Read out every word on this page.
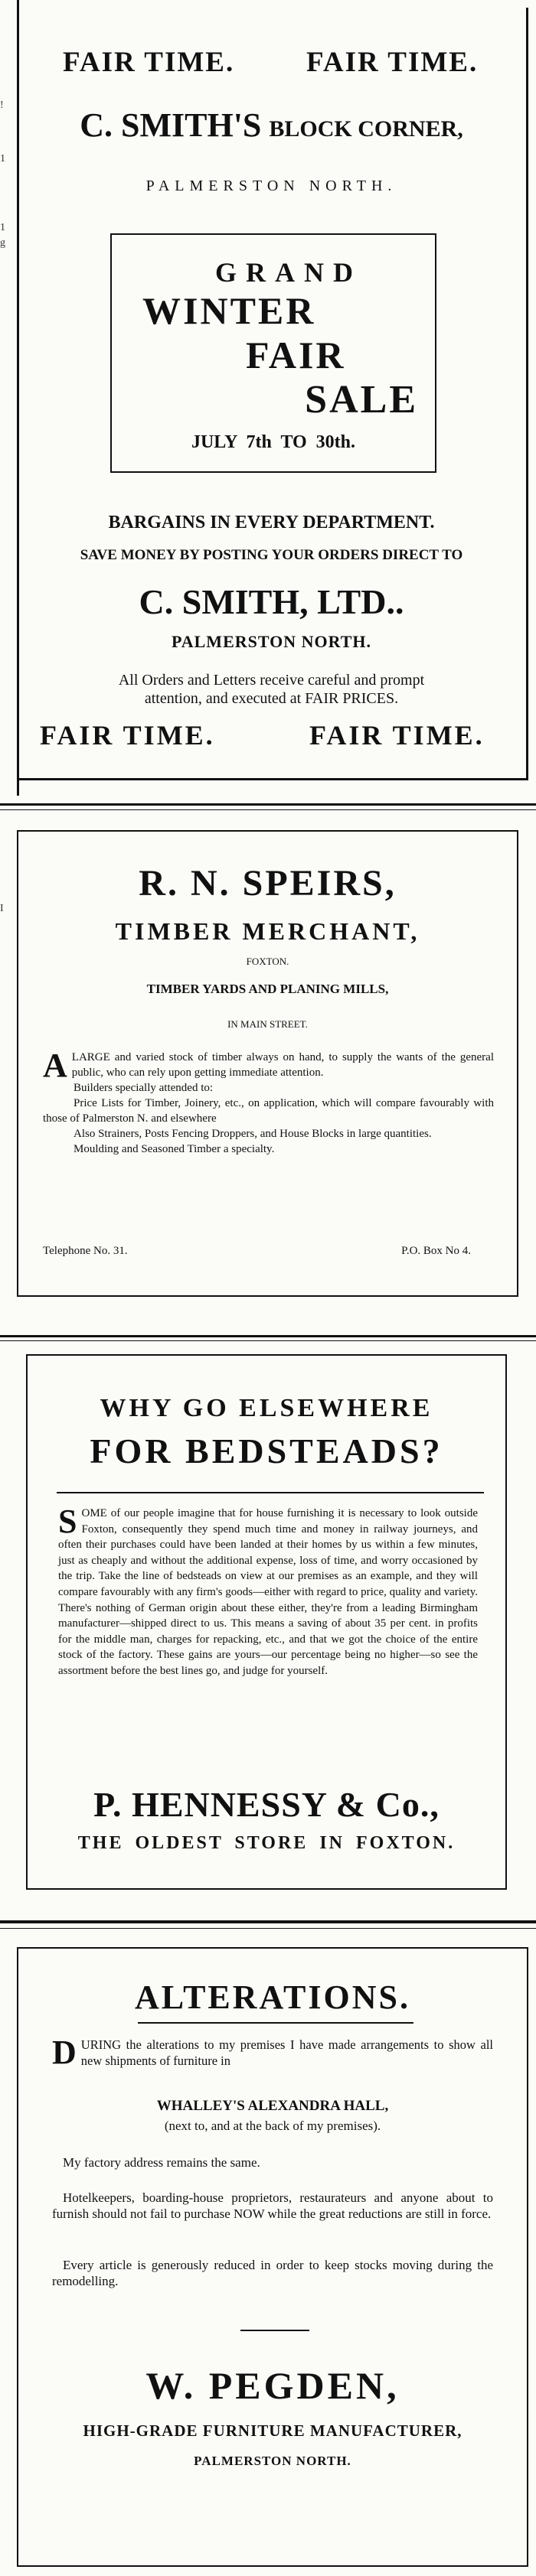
!
1
1
I
g
FAIR TIME.	FAIR TIME.
C. SMITH'S BLOCK CORNER,
PALMERSTON NORTH.
GRAND
WINTER
FAIR
SALE
JULY 7th TO 30th.
BARGAINS IN EVERY DEPARTMENT.
SAVE MONEY BY POSTING YOUR ORDERS DIRECT TO
C. SMITH, LTD..
PALMERSTON NORTH.
All Orders and Letters receive careful and prompt
attention, and executed at FAIR PRICES.
FAIR TIME.	FAIR TIME.
R. N. SPEIRS,
TIMBER MERCHANT,
FOXTON.
TIMBER YARDS AND PLANING MILLS,
IN MAIN STREET.
A LARGE and varied stock of timber always on hand, to supply the wants of the general public, who can rely upon getting immediate attention.

Builders specially attended to:

Price Lists for Timber, Joinery, etc., on application, which will compare favourably with those of Palmerston N. and elsewhere

Also Strainers, Posts Fencing Droppers, and House Blocks in large quantities.

Moulding and Seasoned Timber a specialty.

Telephone No. 31.	P.O. Box No 4.
WHY GO ELSEWHERE
FOR BEDSTEADS?
S OME of our people imagine that for house furnishing it is necessary to look outside Foxton, consequently they spend much time and money in railway journeys, and often their purchases could have been landed at their homes by us within a few minutes, just as cheaply and without the additional expense, loss of time, and worry occasioned by the trip. Take the line of bedsteads on view at our premises as an example, and they will compare favourably with any firm's goods—either with regard to price, quality and variety. There's nothing of German origin about these either, they're from a leading Birmingham manufacturer—shipped direct to us. This means a saving of about 35 per cent. in profits for the middle man, charges for repacking, etc., and that we got the choice of the entire stock of the factory. These gains are yours—our percentage being no higher—so see the assortment before the best lines go, and judge for yourself.

P. HENNESSY & Co.,
THE OLDEST STORE IN FOXTON.
ALTERATIONS.
D URING the alterations to my premises I have made arrangements to show all new shipments of furniture in

WHALLEY'S ALEXANDRA HALL,
(next to, and at the back of my premises).
My factory address remains the same.
Hotelkeepers, boarding-house proprietors, restaurateurs and anyone about to furnish should not fail to purchase NOW while the great reductions are still in force.
Every article is generously reduced in order to keep stocks moving during the remodelling.
W. PEGDEN,
HIGH-GRADE FURNITURE MANUFACTURER,
PALMERSTON NORTH.
